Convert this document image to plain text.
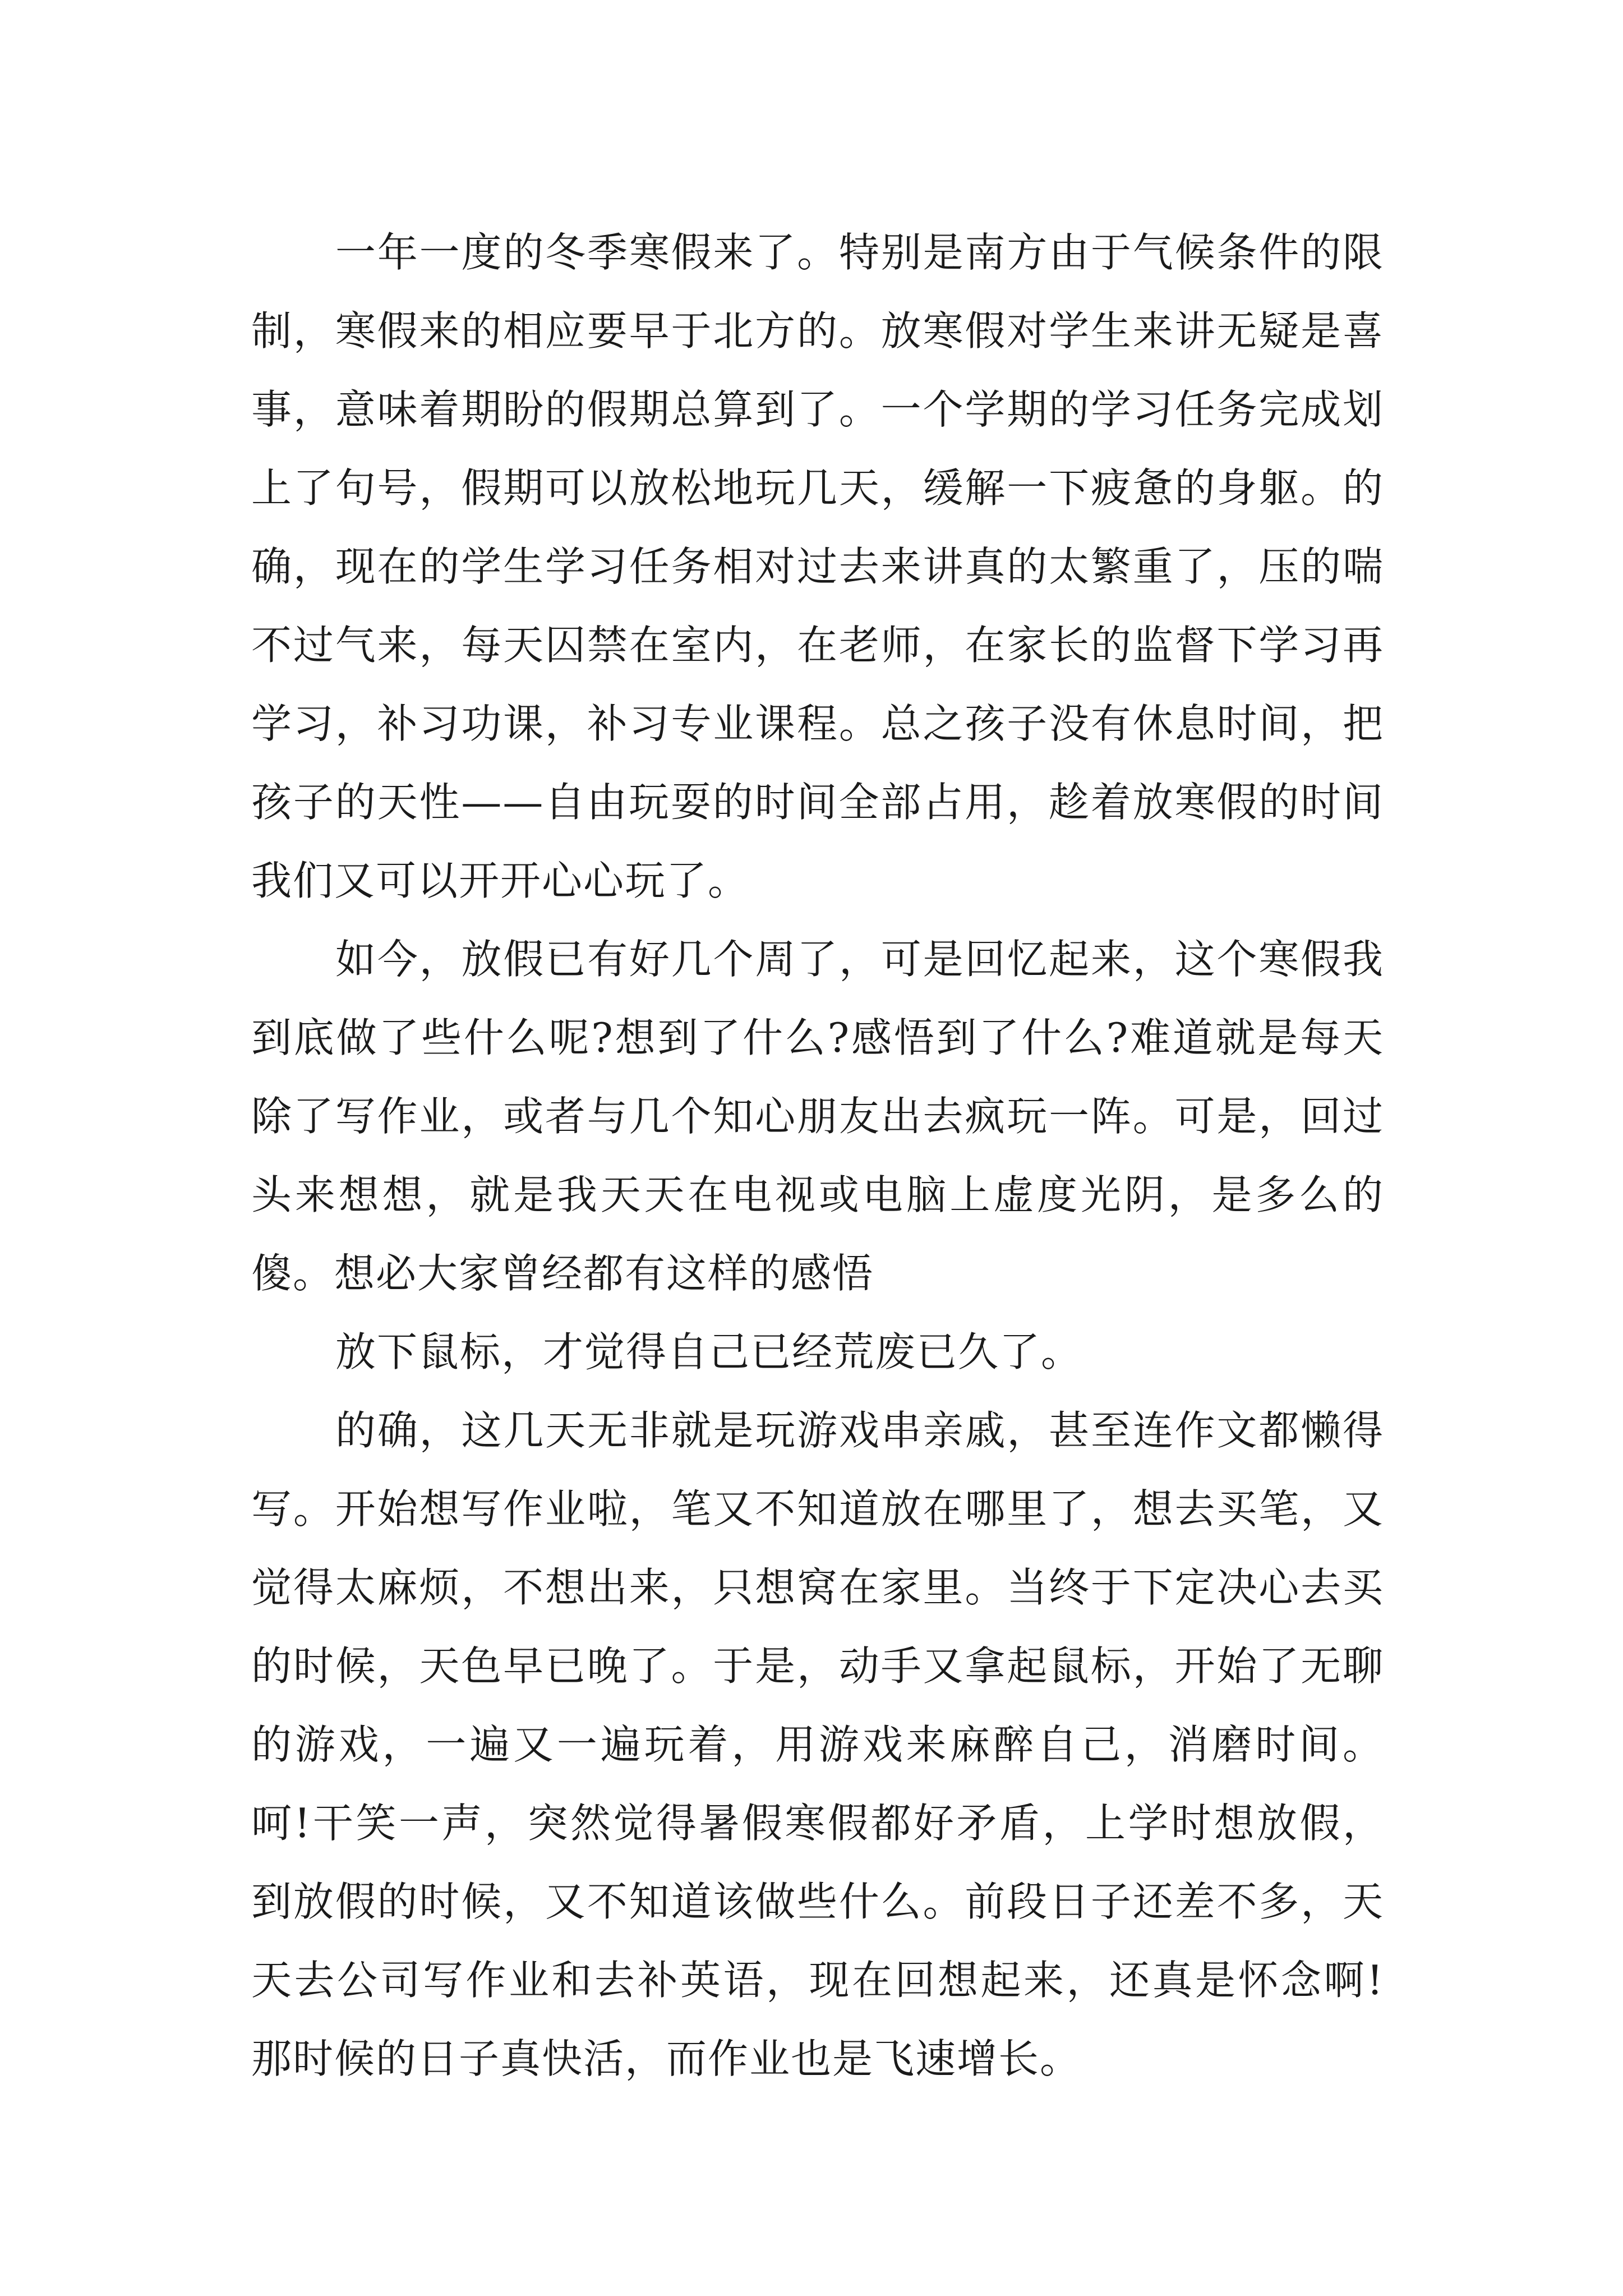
一年一度的冬季寒假来了。特别是南方由于气候条件的限制，寒假来的相应要早于北方的。放寒假对学生来讲无疑是喜事，意味着期盼的假期总算到了。一个学期的学习任务完成划上了句号，假期可以放松地玩几天，缓解一下疲惫的身躯。的确，现在的学生学习任务相对过去来讲真的太繁重了，压的喘不过气来，每天囚禁在室内，在老师，在家长的监督下学习再学习，补习功课，补习专业课程。总之孩子没有休息时间，把孩子的天性——自由玩耍的时间全部占用，趁着放寒假的时间我们又可以开开心心玩了。

如今，放假已有好几个周了，可是回忆起来，这个寒假我到底做了些什么呢?想到了什么?感悟到了什么?难道就是每天除了写作业，或者与几个知心朋友出去疯玩一阵。可是，回过头来想想，就是我天天在电视或电脑上虚度光阴，是多么的傻。想必大家曾经都有这样的感悟

放下鼠标，才觉得自己已经荒废已久了。

的确，这几天无非就是玩游戏串亲戚，甚至连作文都懒得写。开始想写作业啦，笔又不知道放在哪里了，想去买笔，又觉得太麻烦，不想出来，只想窝在家里。当终于下定决心去买的时候，天色早已晚了。于是，动手又拿起鼠标，开始了无聊的游戏，一遍又一遍玩着，用游戏来麻醉自己，消磨时间。呵!干笑一声，突然觉得暑假寒假都好矛盾，上学时想放假，到放假的时候，又不知道该做些什么。前段日子还差不多，天天去公司写作业和去补英语，现在回想起来，还真是怀念啊!那时候的日子真快活，而作业也是飞速增长。
